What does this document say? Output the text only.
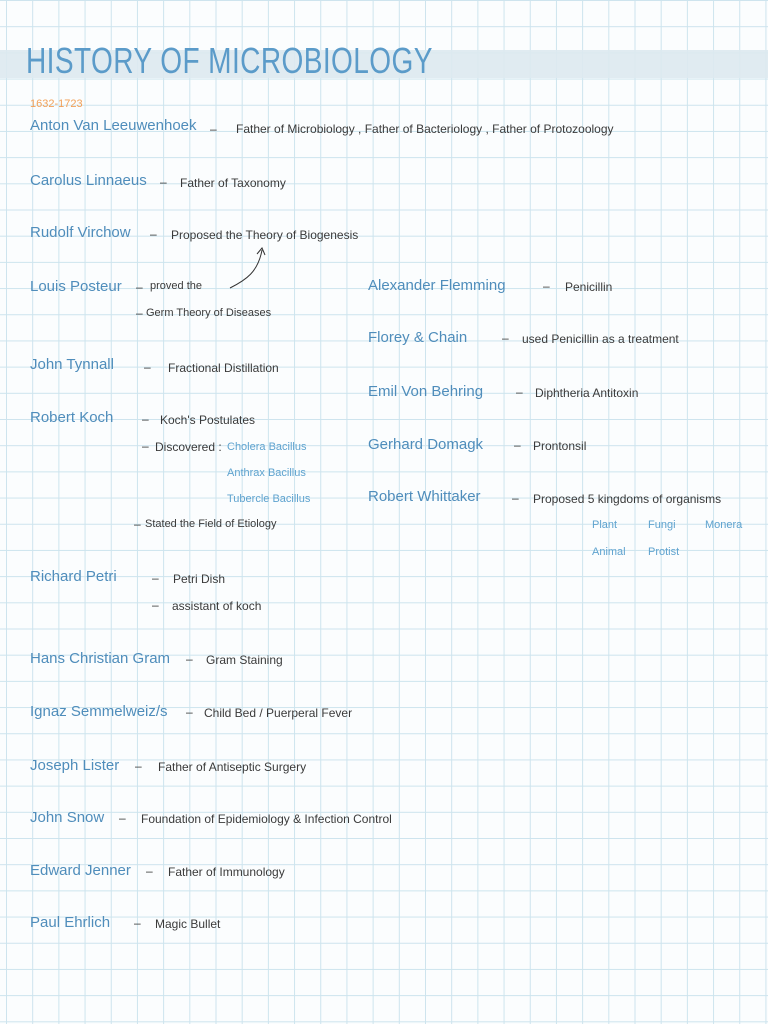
HISTORY OF MICROBIOLOGY
1632-1723
Anton Van Leeuwenhoek – Father of Microbiology , Father of Bacteriology , Father of Protozoology
Carolus Linnaeus – Father of Taxonomy
Rudolf Virchow – Proposed the Theory of Biogenesis
Louis Posteur – proved the
– Germ Theory of Diseases
John Tynnall	– Fractional Distillation
Robert Koch – Koch's Postulates
– Discovered : Cholera Bacillus
Anthrax Bacillus
Tubercle Bacillus
– Stated the Field of Etiology
Richard Petri	– Petri Dish
– assistant of koch
Hans Christian Gram – Gram Staining
Ignaz Semmelweiz/s – Child Bed / Puerperal Fever
Joseph Lister – Father of Antiseptic Surgery
John Snow – Foundation of Epidemiology & Infection Control
Edward Jenner – Father of Immunology
Paul Ehrlich – Magic Bullet
Alexander Flemming	– Penicillin
Florey & Chain	– used Penicillin as a treatment
Emil Von Behring	– Diphtheria Antitoxin
Gerhard Domagk	– Prontonsil
Robert Whittaker	– Proposed 5 kingdoms of organisms
Plant	Fungi	Monera
Animal Protist
